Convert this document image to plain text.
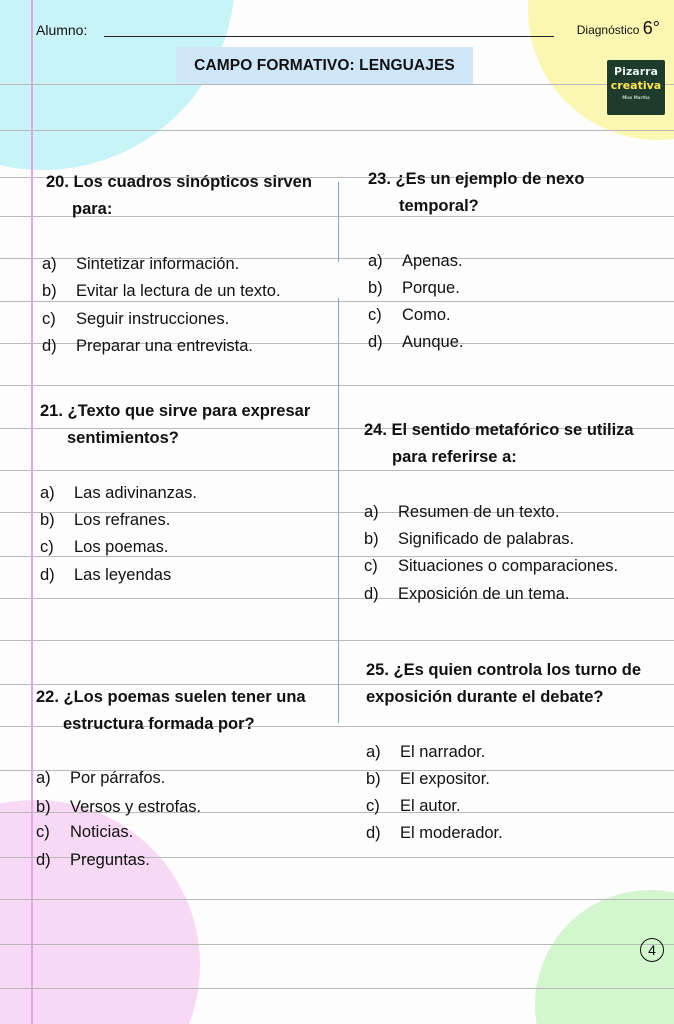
Alumno:	Diagnóstico 6°
CAMPO FORMATIVO: LENGUAJES	Pizarra
creativa
Miss Martha
20. Los cuadros sinópticos sirven
para:
a) Sintetizar información.
b) Evitar la lectura de un texto.
c) Seguir instrucciones.
d) Preparar una entrevista.
21. ¿Texto que sirve para expresar
sentimientos?
a) Las adivinanzas.
b) Los refranes.
c) Los poemas.
d) Las leyendas
22. ¿Los poemas suelen tener una
estructura formada por?
a) Por párrafos.
b) Versos y estrofas.
c) Noticias.
d) Preguntas.
23. ¿Es un ejemplo de nexo
temporal?
a) Apenas.
b) Porque.
c) Como.
d) Aunque.
24. El sentido metafórico se utiliza
para referirse a:
a) Resumen de un texto.
b) Significado de palabras.
c) Situaciones o comparaciones.
d) Exposición de un tema.
25. ¿Es quien controla los turno de
exposición durante el debate?
a) El narrador.
b) El expositor.
c) El autor.
d) El moderador.
4
